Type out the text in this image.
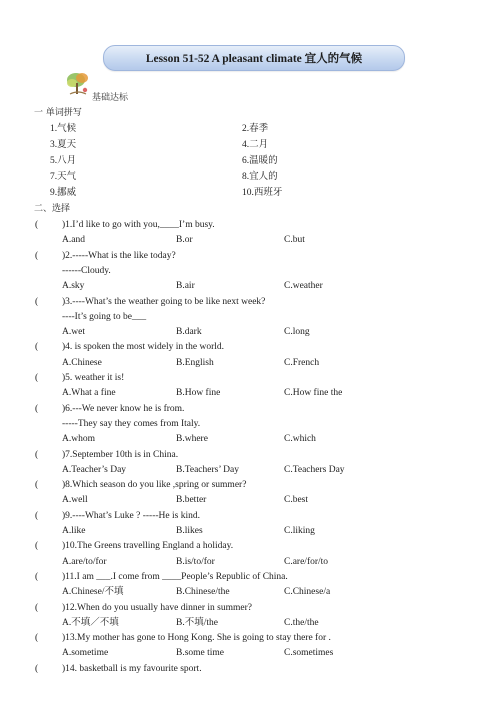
Lesson 51-52 A pleasant climate 宜人的气候
基础达标
一 单词拼写
1.气候	2.春季
3.夏天	4.二月
5.八月	6.温暖的
7.天气	8.宜人的
9.挪威	10.西班牙
二、选择
(	)1.I’d like to go with you,____I’m busy.
A.and	B.or	C.but
(	)2.-----What is the like today?
------Cloudy.
A.sky	B.air	C.weather
(	)3.----What’s the weather going to be like next week?
----It’s going to be___
A.wet	B.dark	C.long
(	)4. is spoken the most widely in the world.
A.Chinese	B.English	C.French
(	)5. weather it is!
A.What a fine	B.How fine	C.How fine the
(	)6.---We never know he is from.
-----They say they comes from Italy.
A.whom	B.where	C.which
(	)7.September 10th is in China.
A.Teacher’s Day	B.Teachers’ Day	C.Teachers Day
(	)8.Which season do you like ,spring or summer?
A.well	B.better	C.best
(	)9.----What’s Luke ? -----He is kind.
A.like	B.likes	C.liking
(	)10.The Greens travelling England a holiday.
A.are/to/for	B.is/to/for	C.are/for/to
(	)11.I am ___.I come from ____People’s Republic of China.
A.Chinese/不填	B.Chinese/the	C.Chinese/a
(	)12.When do you usually have dinner in summer?
A.不填／不填	B.不填/the	C.the/the
(	)13.My mother has gone to Hong Kong. She is going to stay there for .
A.sometime	B.some time	C.sometimes
(	)14. basketball is my favourite sport.
